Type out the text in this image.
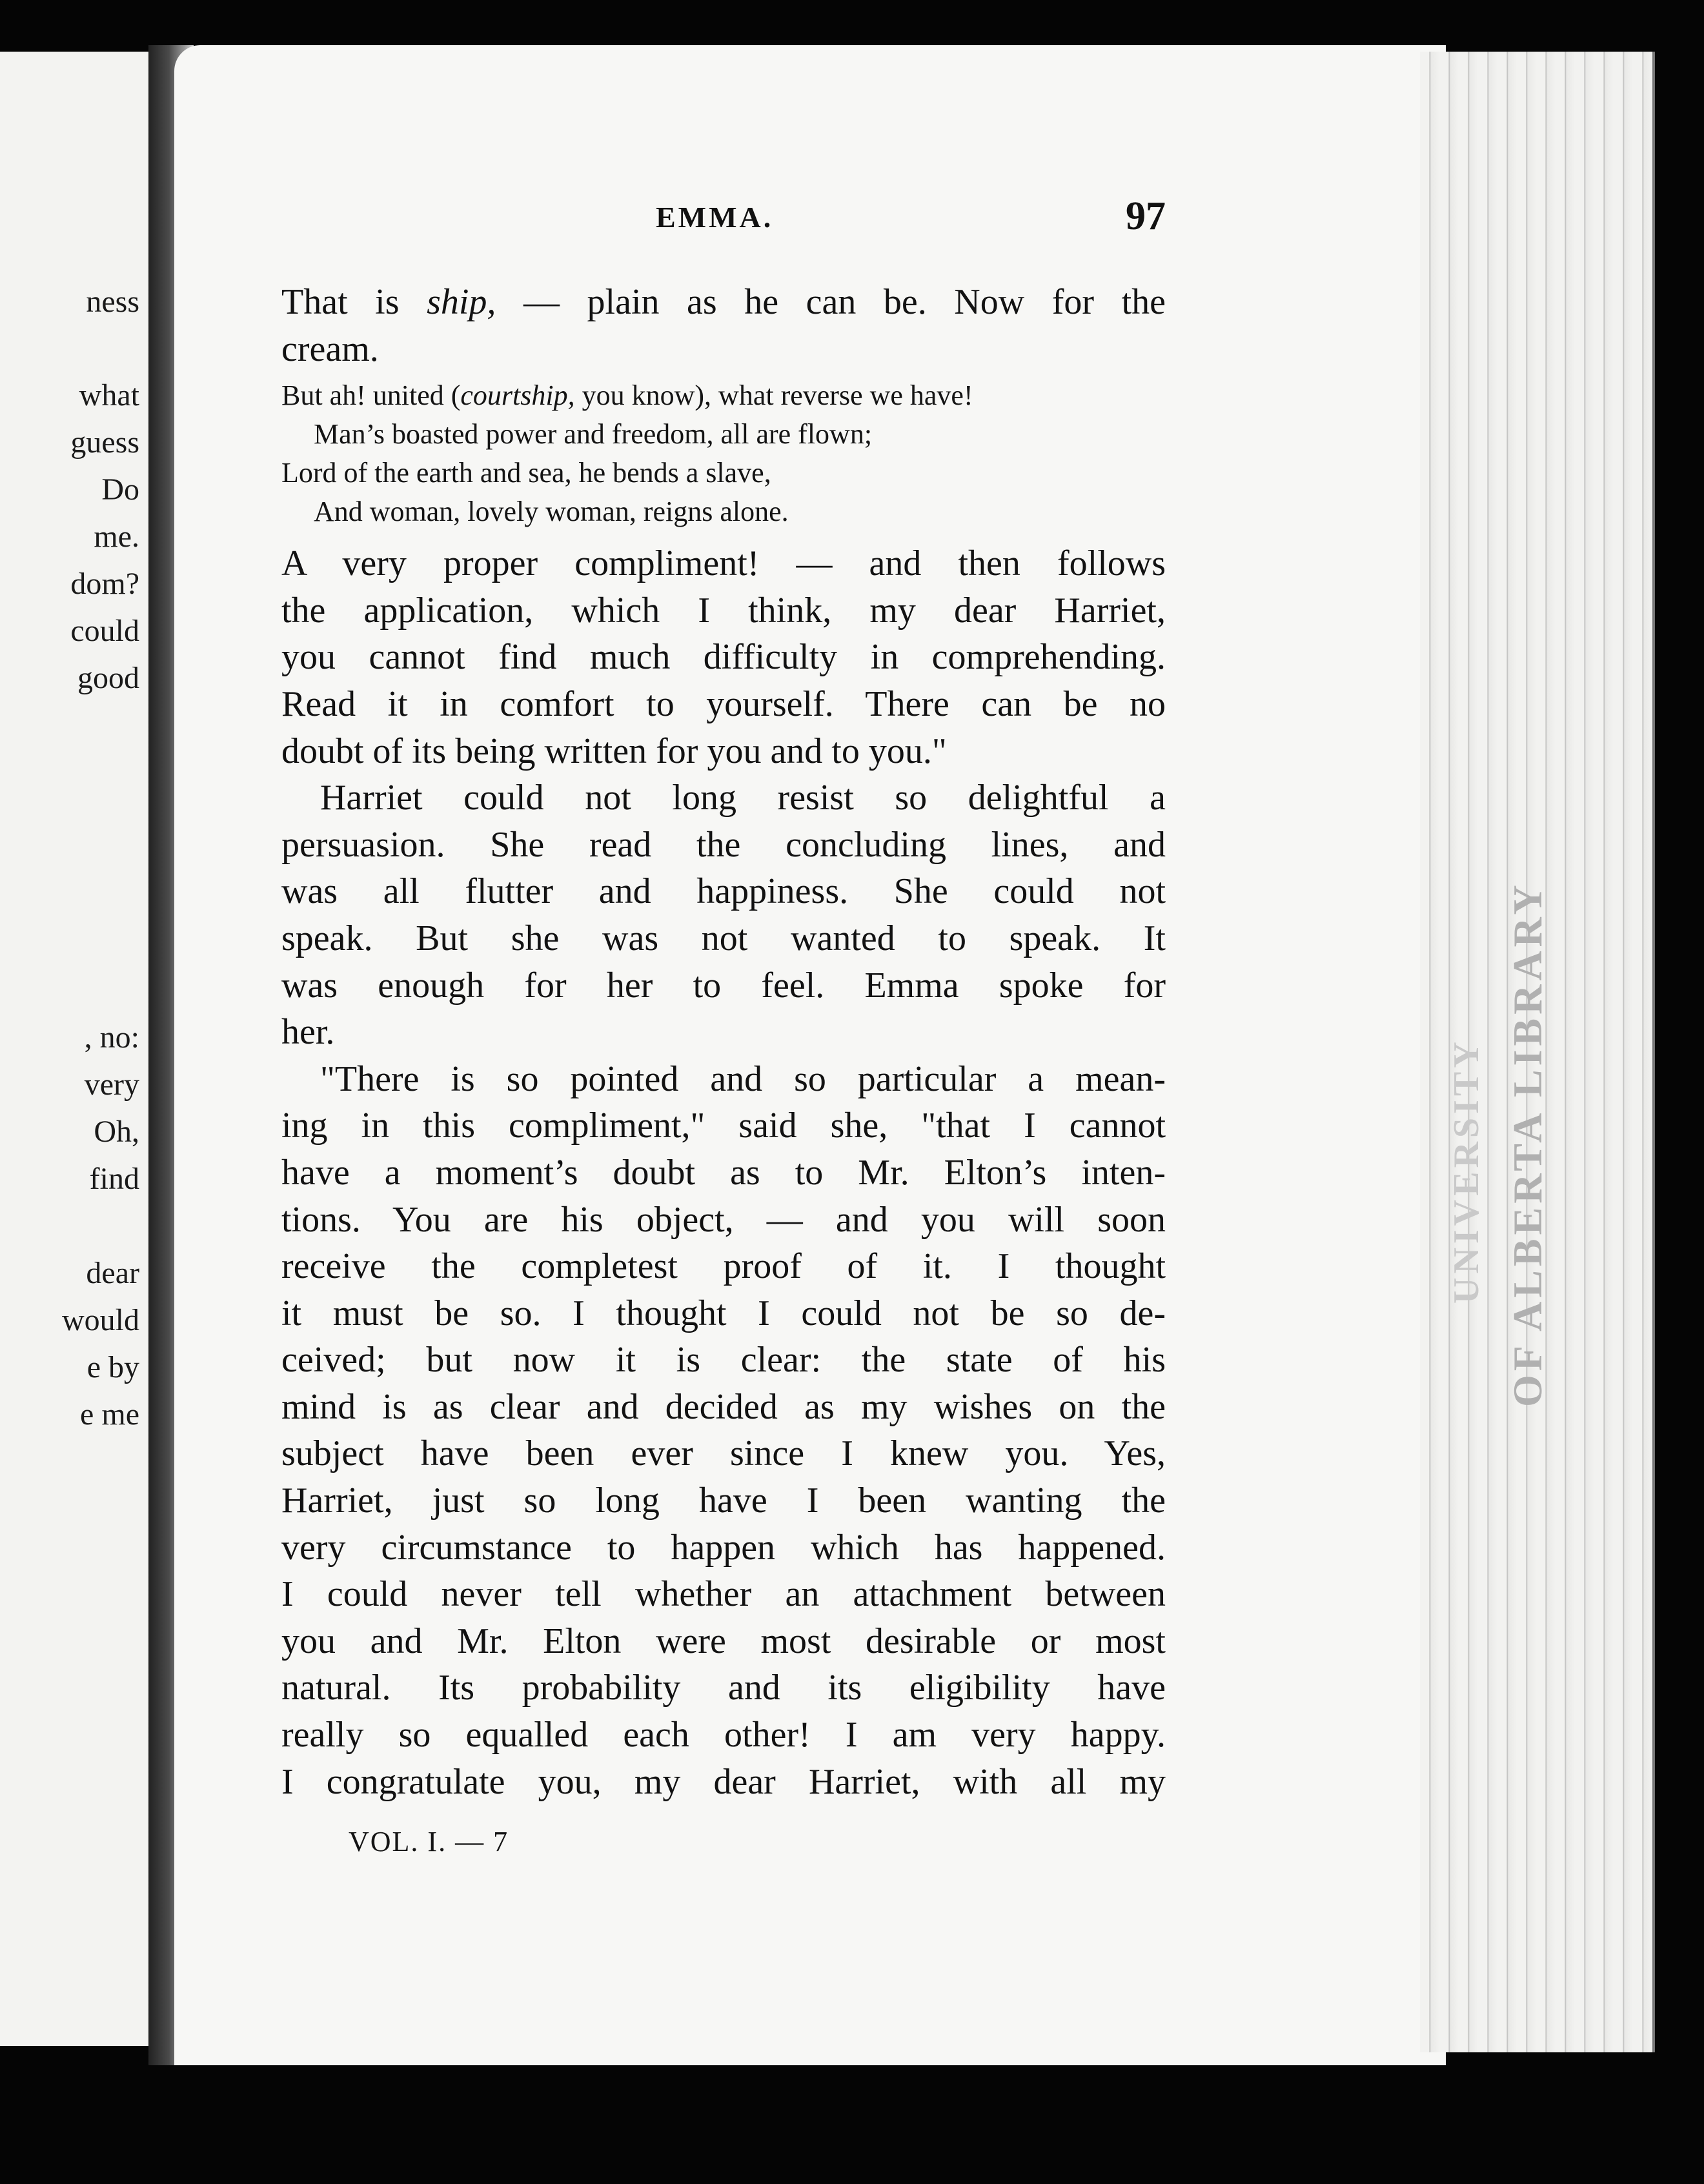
ness
what
guess
Do
me.
dom?
could
good
, no:
very
Oh,
find
dear
would
e by
e me
UNIVERSITY OF ALBERTA LIBRARY
EMMA.	97
That is ship, — plain as he can be. Now for the
cream.
But ah! united (courtship, you know), what reverse we have!
Man’s boasted power and freedom, all are flown;
Lord of the earth and sea, he bends a slave,
And woman, lovely woman, reigns alone.
A very proper compliment! — and then follows
the application, which I think, my dear Harriet,
you cannot find much difficulty in comprehending.
Read it in comfort to yourself. There can be no
doubt of its being written for you and to you."
Harriet could not long resist so delightful a
persuasion. She read the concluding lines, and
was all flutter and happiness. She could not
speak. But she was not wanted to speak. It
was enough for her to feel. Emma spoke for
her.
"There is so pointed and so particular a mean-
ing in this compliment," said she, "that I cannot
have a moment’s doubt as to Mr. Elton’s inten-
tions. You are his object, — and you will soon
receive the completest proof of it. I thought
it must be so. I thought I could not be so de-
ceived; but now it is clear: the state of his
mind is as clear and decided as my wishes on the
subject have been ever since I knew you. Yes,
Harriet, just so long have I been wanting the
very circumstance to happen which has happened.
I could never tell whether an attachment between
you and Mr. Elton were most desirable or most
natural. Its probability and its eligibility have
really so equalled each other! I am very happy.
I congratulate you, my dear Harriet, with all my
VOL. I. — 7
